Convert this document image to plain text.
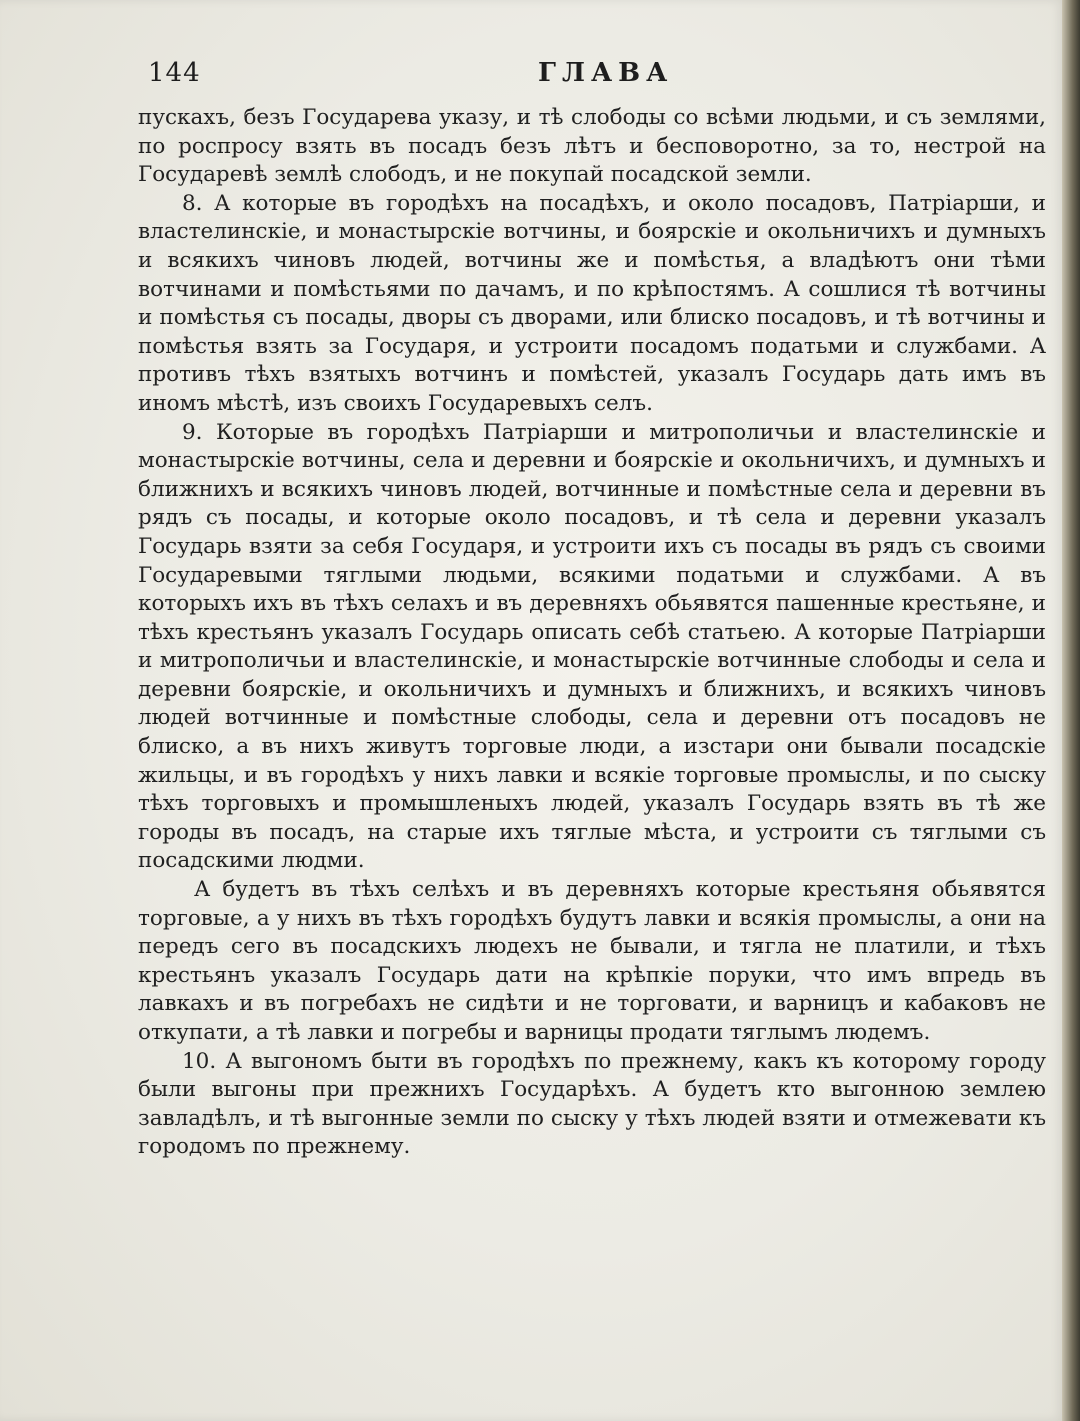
144	ГЛАВА

пускахъ, безъ Государева указу, и тѣ слободы со всѣми людьми, и съ землями, по роспросу взять въ посадъ безъ лѣтъ и бесповоротно, за то, нестрой на Государевѣ землѣ слободъ, и не покупай посадской земли.

8. А которые въ городѣхъ на посадѣхъ, и около посадовъ, Патріарши, и властелинскіе, и монастырскіе вотчины, и боярскіе и окольничихъ и думныхъ и всякихъ чиновъ людей, вотчины же и помѣстья, а владѣютъ они тѣми вотчинами и помѣстьями по дачамъ, и по крѣпостямъ. А сошлися тѣ вотчины и помѣстья съ посады, дворы съ дворами, или блиско посадовъ, и тѣ вотчины и помѣстья взять за Государя, и устроити посадомъ податьми и службами. А противъ тѣхъ взятыхъ вотчинъ и помѣстей, указалъ Государь дать имъ въ иномъ мѣстѣ, изъ своихъ Государевыхъ селъ.

9. Которые въ городѣхъ Патріарши и митрополичьи и властелинскіе и монастырскіе вотчины, села и деревни и боярскіе и окольничихъ, и думныхъ и ближнихъ и всякихъ чиновъ людей, вотчинные и помѣстные села и деревни въ рядъ съ посады, и которые около посадовъ, и тѣ села и деревни указалъ Государь взяти за себя Государя, и устроити ихъ съ посады въ рядъ съ своими Государевыми тяглыми людьми, всякими податьми и службами. А въ которыхъ ихъ въ тѣхъ селахъ и въ деревняхъ обьявятся пашенные крестьяне, и тѣхъ крестьянъ указалъ Государь описать себѣ статьею. А которые Патріарши и митрополичьи и властелинскіе, и монастырскіе вотчинные слободы и села и деревни боярскіе, и окольничихъ и думныхъ и ближнихъ, и всякихъ чиновъ людей вотчинные и помѣстные слободы, села и деревни отъ посадовъ не блиско, а въ нихъ живутъ торговые люди, а изстари они бывали посадскіе жильцы, и въ городѣхъ у нихъ лавки и всякіе торговые промыслы, и по сыску тѣхъ торговыхъ и промышленыхъ людей, указалъ Государь взять въ тѣ же городы въ посадъ, на старые ихъ тяглые мѣста, и устроити съ тяглыми съ посадскими людми.

А будетъ въ тѣхъ селѣхъ и въ деревняхъ которые крестьяня обьявятся торговые, а у нихъ въ тѣхъ городѣхъ будутъ лавки и всякія промыслы, а они на передъ сего въ посадскихъ людехъ не бывали, и тягла не платили, и тѣхъ крестьянъ указалъ Государь дати на крѣпкіе поруки, что имъ впредь въ лавкахъ и въ погребахъ не сидѣти и не торговати, и варницъ и кабаковъ не откупати, а тѣ лавки и погребы и варницы продати тяглымъ людемъ.

10. А выгономъ быти въ городѣхъ по прежнему, какъ къ которому городу были выгоны при прежнихъ Государѣхъ. А будетъ кто выгонною землею завладѣлъ, и тѣ выгонные земли по сыску у тѣхъ людей взяти и отмежевати къ городомъ по прежнему.
